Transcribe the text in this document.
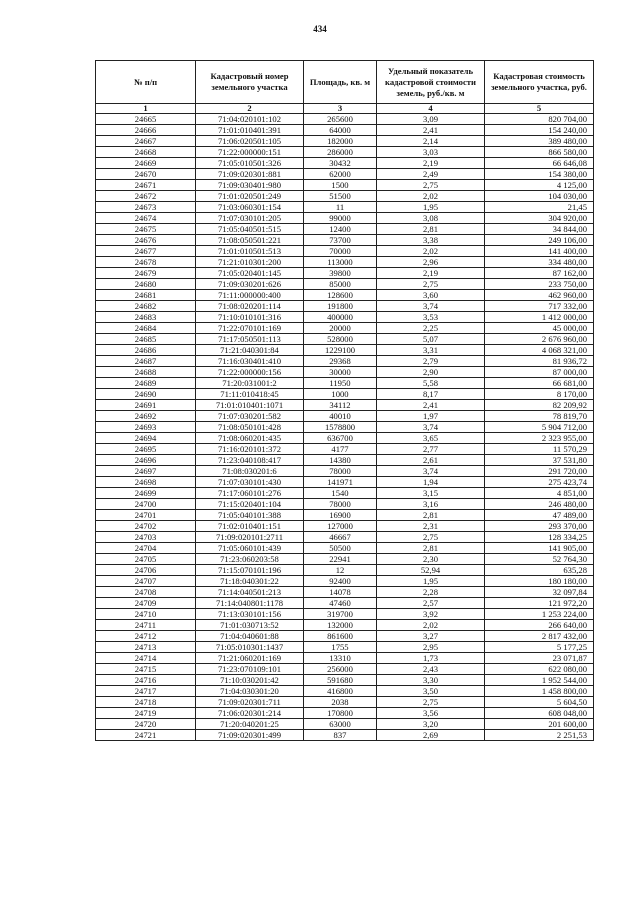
434
№ п/п	Кадастровый номер земельного участка	Площадь, кв. м	Удельный показатель кадастровой стоимости земель, руб./кв. м	Кадастровая стоимость земельного участка, руб.
1	2	3	4	5
24665	71:04:020101:102	265600	3,09	820 704,00
24666	71:01:010401:391	64000	2,41	154 240,00
24667	71:06:020501:105	182000	2,14	389 480,00
24668	71:22:000000:151	286000	3,03	866 580,00
24669	71:05:010501:326	30432	2,19	66 646,08
24670	71:09:020301:881	62000	2,49	154 380,00
24671	71:09:030401:980	1500	2,75	4 125,00
24672	71:01:020501:249	51500	2,02	104 030,00
24673	71:03:060301:154	11	1,95	21,45
24674	71:07:030101:205	99000	3,08	304 920,00
24675	71:05:040501:515	12400	2,81	34 844,00
24676	71:08:050501:221	73700	3,38	249 106,00
24677	71:01:010501:513	70000	2,02	141 400,00
24678	71:21:010301:200	113000	2,96	334 480,00
24679	71:05:020401:145	39800	2,19	87 162,00
24680	71:09:030201:626	85000	2,75	233 750,00
24681	71:11:000000:400	128600	3,60	462 960,00
24682	71:08:020201:114	191800	3,74	717 332,00
24683	71:10:010101:316	400000	3,53	1 412 000,00
24684	71:22:070101:169	20000	2,25	45 000,00
24685	71:17:050501:113	528000	5,07	2 676 960,00
24686	71:21:040301:84	1229100	3,31	4 068 321,00
24687	71:16:030401:410	29368	2,79	81 936,72
24688	71:22:000000:156	30000	2,90	87 000,00
24689	71:20:031001:2	11950	5,58	66 681,00
24690	71:11:010418:45	1000	8,17	8 170,00
24691	71:01:010401:1071	34112	2,41	82 209,92
24692	71:07:030201:582	40010	1,97	78 819,70
24693	71:08:050101:428	1578800	3,74	5 904 712,00
24694	71:08:060201:435	636700	3,65	2 323 955,00
24695	71:16:020101:372	4177	2,77	11 570,29
24696	71:23:040108:417	14380	2,61	37 531,80
24697	71:08:030201:6	78000	3,74	291 720,00
24698	71:07:030101:430	141971	1,94	275 423,74
24699	71:17:060101:276	1540	3,15	4 851,00
24700	71:15:020401:104	78000	3,16	246 480,00
24701	71:05:040101:388	16900	2,81	47 489,00
24702	71:02:010401:151	127000	2,31	293 370,00
24703	71:09:020101:2711	46667	2,75	128 334,25
24704	71:05:060101:439	50500	2,81	141 905,00
24705	71:23:060203:58	22941	2,30	52 764,30
24706	71:15:070101:196	12	52,94	635,28
24707	71:18:040301:22	92400	1,95	180 180,00
24708	71:14:040501:213	14078	2,28	32 097,84
24709	71:14:040801:1178	47460	2,57	121 972,20
24710	71:13:030101:156	319700	3,92	1 253 224,00
24711	71:01:030713:52	132000	2,02	266 640,00
24712	71:04:040601:88	861600	3,27	2 817 432,00
24713	71:05:010301:1437	1755	2,95	5 177,25
24714	71:21:060201:169	13310	1,73	23 071,87
24715	71:23:070109:101	256000	2,43	622 080,00
24716	71:10:030201:42	591680	3,30	1 952 544,00
24717	71:04:030301:20	416800	3,50	1 458 800,00
24718	71:09:020301:711	2038	2,75	5 604,50
24719	71:06:020301:214	170800	3,56	608 048,00
24720	71:20:040201:25	63000	3,20	201 600,00
24721	71:09:020301:499	837	2,69	2 251,53
